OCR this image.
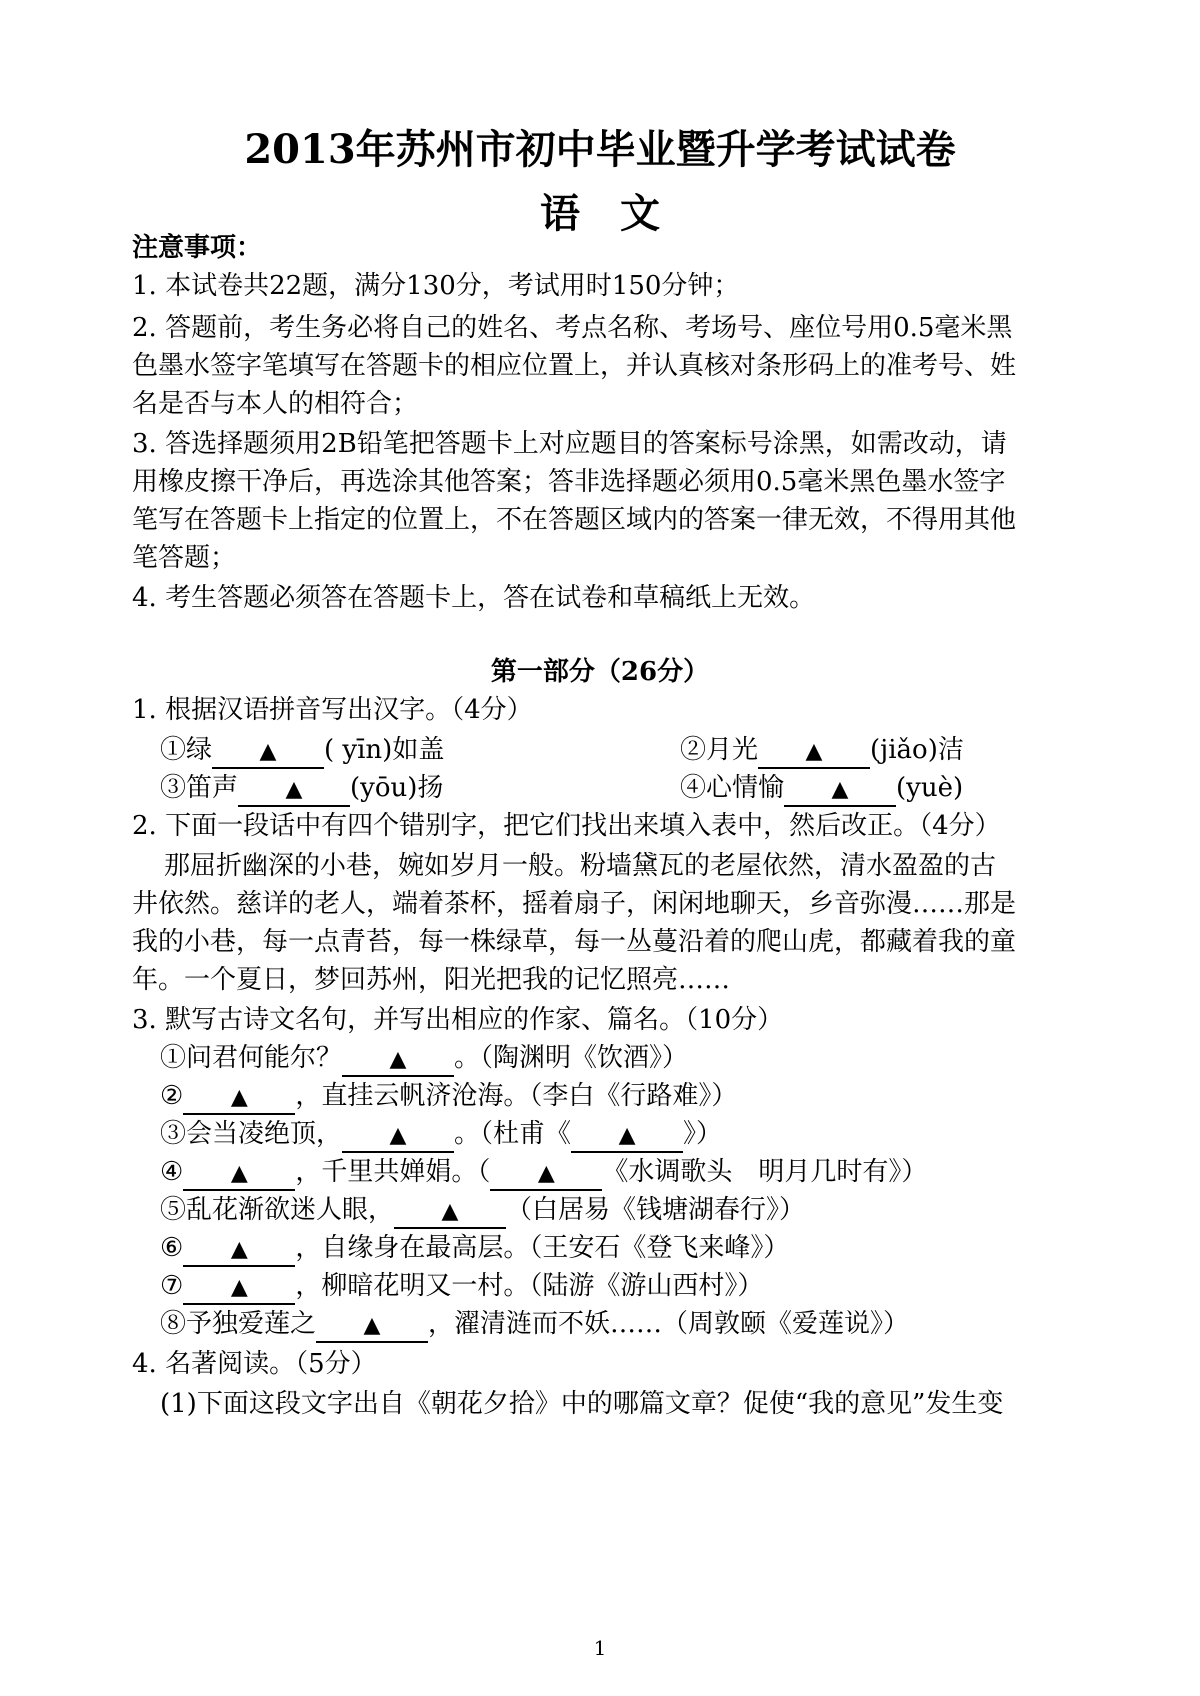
2013年苏州市初中毕业暨升学考试试卷
语　文
注意事项：
1. 本试卷共22题，满分130分，考试用时150分钟；
2. 答题前，考生务必将自己的姓名、考点名称、考场号、座位号用0.5毫米黑
色墨水签字笔填写在答题卡的相应位置上，并认真核对条形码上的准考号、姓
名是否与本人的相符合；
3. 答选择题须用2B铅笔把答题卡上对应题目的答案标号涂黑，如需改动，请
用橡皮擦干净后，再选涂其他答案；答非选择题必须用0.5毫米黑色墨水签字
笔写在答题卡上指定的位置上，不在答题区域内的答案一律无效，不得用其他
笔答题；
4. 考生答题必须答在答题卡上，答在试卷和草稿纸上无效。
第一部分（26分）
1. 根据汉语拼音写出汉字。（4分）
①绿 ▲ ( yīn)如盖	②月光 ▲ (jiǎo)洁
③笛声 ▲ (yōu)扬	④心情愉 ▲ (yuè)
2. 下面一段话中有四个错别字，把它们找出来填入表中，然后改正。（4分）
那屈折幽深的小巷，婉如岁月一般。粉墙黛瓦的老屋依然，清水盈盈的古
井依然。慈详的老人，端着茶杯，摇着扇子，闲闲地聊天，乡音弥漫……那是
我的小巷，每一点青苔，每一株绿草，每一丛蔓沿着的爬山虎，都藏着我的童
年。一个夏日，梦回苏州，阳光把我的记忆照亮……
3. 默写古诗文名句，并写出相应的作家、篇名。（10分）
①问君何能尔？ ▲ 。（陶渊明《饮酒》）
② ▲ ，直挂云帆济沧海。（李白《行路难》）
③会当凌绝顶， ▲ 。（杜甫《 ▲ 》）
④ ▲ ，千里共婵娟。（ ▲ 《水调歌头　明月几时有》）
⑤乱花渐欲迷人眼， ▲ （白居易《钱塘湖春行》）
⑥ ▲ ，自缘身在最高层。（王安石《登飞来峰》）
⑦ ▲ ，柳暗花明又一村。（陆游《游山西村》）
⑧予独爱莲之 ▲ ，濯清涟而不妖……（周敦颐《爱莲说》）
4. 名著阅读。（5分）
(1)下面这段文字出自《朝花夕拾》中的哪篇文章？促使“我的意见”发生变
1
